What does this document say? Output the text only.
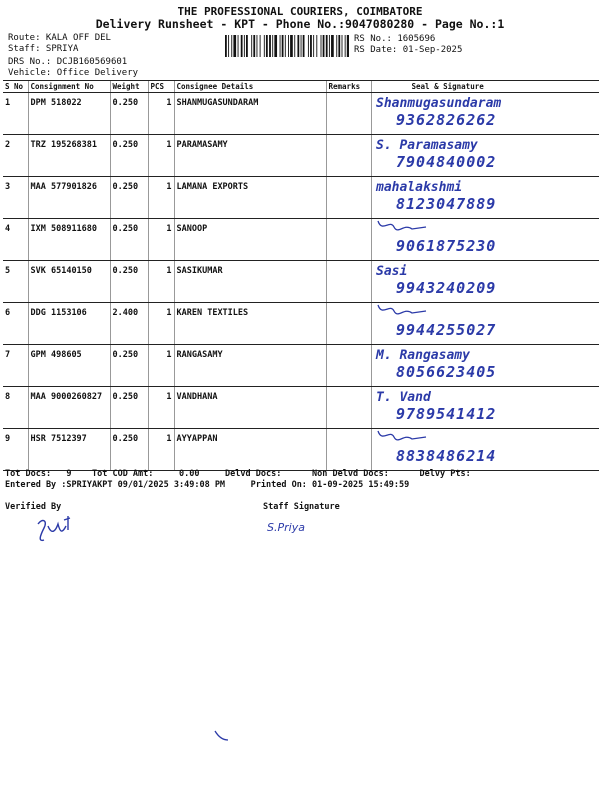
THE PROFESSIONAL COURIERS, COIMBATORE
Delivery Runsheet - KPT - Phone No.:9047080280 - Page No.:1
Route: KALA OFF DEL
Staff: SPRIYA
DRS No.: DCJB160569601
Vehicle: Office Delivery
RS No.: 1605696
RS Date: 01-Sep-2025
S No	Consignment No	Weight	PCS	Consignee Details	Remarks	Seal & Signature
1	DPM 518022	0.250	1	SHANMUGASUNDARAM		Shanmugasundaram
9362826262

2	TRZ 195268381	0.250	1	PARAMASAMY		S. Paramasamy
7904840002

3	MAA 577901826	0.250	1	LAMANA EXPORTS		mahalakshmi
8123047889

4	IXM 508911680	0.250	1	SANOOP		9061875230

5	SVK 65140150	0.250	1	SASIKUMAR		Sasi
9943240209

6	DDG 1153106	2.400	1	KAREN TEXTILES		9944255027

7	GPM 498605	0.250	1	RANGASAMY		M. Rangasamy
8056623405

8	MAA 9000260827	0.250	1	VANDHANA		T. Vand
9789541412

9	HSR 7512397	0.250	1	AYYAPPAN		8838486214
Tot Docs:   9    Tot COD Amt:     0.00     Delvd Docs:      Non Delvd Docs:      Delvy Pts:
Entered By :SPRIYAKPT 09/01/2025 3:49:08 PM     Printed On: 01-09-2025 15:49:59
Verified By	Staff Signature
S.Priya
